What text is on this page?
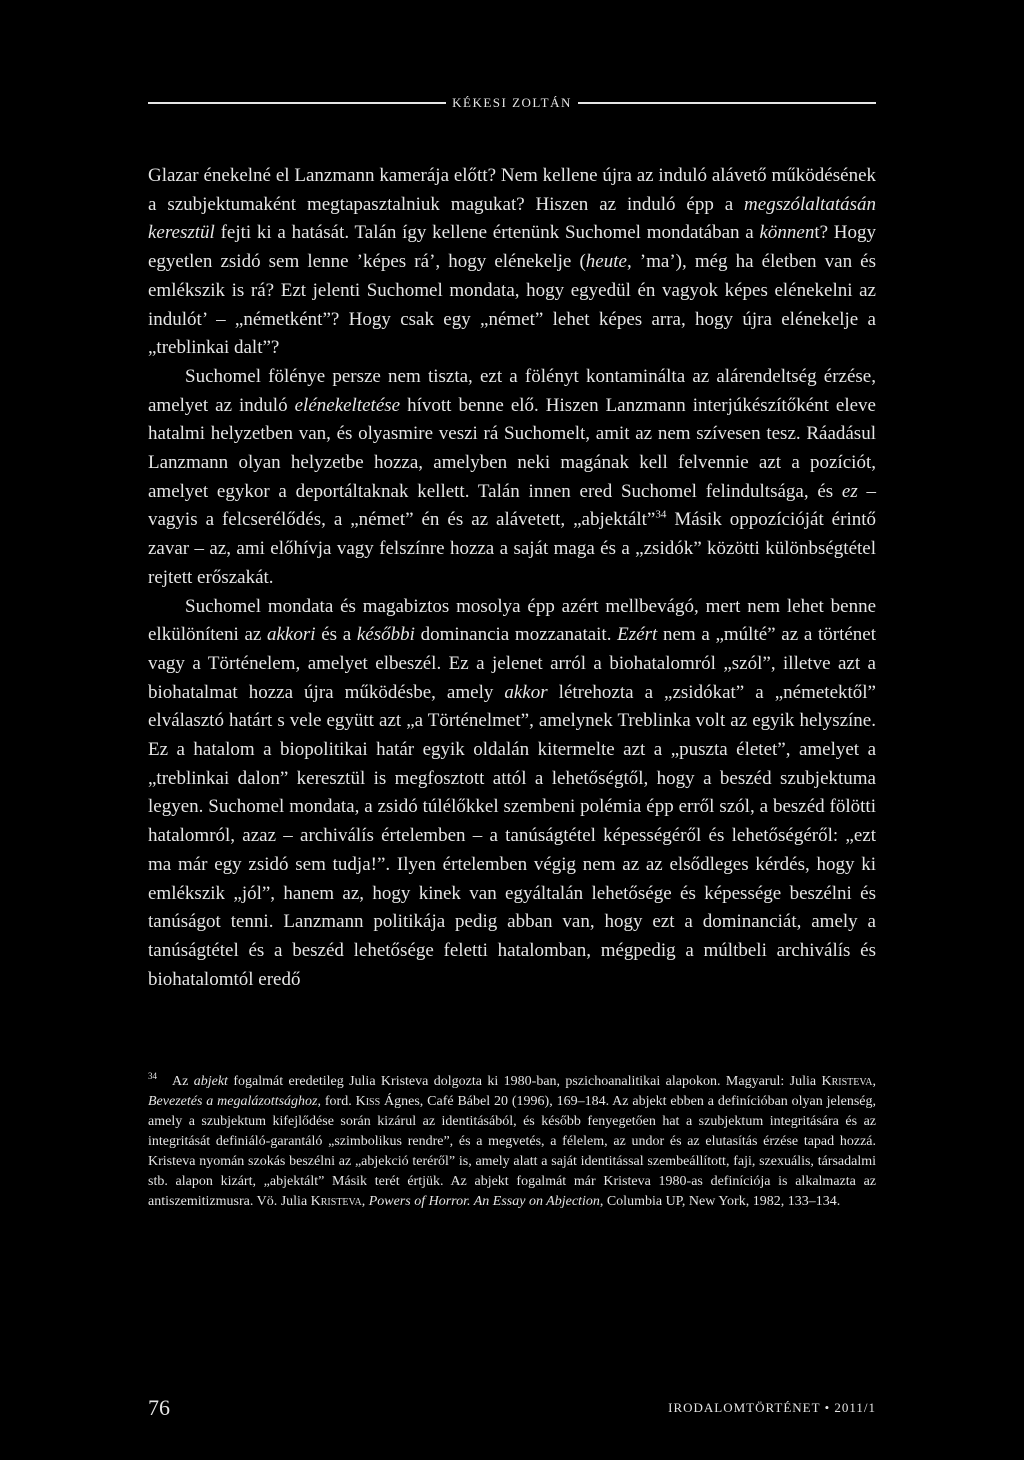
KÉKESI ZOLTÁN

Glazar énekelné el Lanzmann kamerája előtt? Nem kellene újra az induló alávető működésének a szubjektumaként megtapasztalniuk magukat? Hiszen az induló épp a megszólaltatásán keresztül fejti ki a hatását. Talán így kellene értenünk Suchomel mondatában a könnent? Hogy egyetlen zsidó sem lenne ’képes rá’, hogy elénekelje (heute, ’ma’), még ha életben van és emlékszik is rá? Ezt jelenti Suchomel mondata, hogy egyedül én vagyok képes elénekelni az indulót’ – „németként”? Hogy csak egy „német” lehet képes arra, hogy újra elénekelje a „treblinkai dalt”?

Suchomel fölénye persze nem tiszta, ezt a fölényt kontaminálta az alárendeltség érzése, amelyet az induló elénekeltetése hívott benne elő. Hiszen Lanzmann interjúkészítőként eleve hatalmi helyzetben van, és olyasmire veszi rá Suchomelt, amit az nem szívesen tesz. Ráadásul Lanzmann olyan helyzetbe hozza, amelyben neki magának kell felvennie azt a pozíciót, amelyet egykor a deportáltaknak kellett. Talán innen ered Suchomel felindultsága, és ez – vagyis a felcserélődés, a „német” én és az alávetett, „abjektált”$^{34}$ Másik oppozícióját érintő zavar – az, ami előhívja vagy felszínre hozza a saját maga és a „zsidók” közötti különbségtétel rejtett erőszakát.

Suchomel mondata és magabiztos mosolya épp azért mellbevágó, mert nem lehet benne elkülöníteni az akkori és a későbbi dominancia mozzanatait. Ezért nem a „múlté” az a történet vagy a Történelem, amelyet elbeszél. Ez a jelenet arról a biohatalomról „szól”, illetve azt a biohatalmat hozza újra működésbe, amely akkor létrehozta a „zsidókat” a „németektől” elválasztó határt s vele együtt azt „a Történelmet”, amelynek Treblinka volt az egyik helyszíne. Ez a hatalom a biopolitikai határ egyik oldalán kitermelte azt a „puszta életet”, amelyet a „treblinkai dalon” keresztül is megfosztott attól a lehetőségtől, hogy a beszéd szubjektuma legyen. Suchomel mondata, a zsidó túlélőkkel szembeni polémia épp erről szól, a beszéd fölötti hatalomról, azaz – archiválís értelemben – a tanúságtétel képességéről és lehetőségéről: „ezt ma már egy zsidó sem tudja!”. Ilyen értelemben végig nem az az elsődleges kérdés, hogy ki emlékszik „jól”, hanem az, hogy kinek van egyáltalán lehetősége és képessége beszélni és tanúságot tenni. Lanzmann politikája pedig abban van, hogy ezt a dominanciát, amely a tanúságtétel és a beszéd lehetősége feletti hatalomban, mégpedig a múltbeli archiválís és biohatalomtól eredő

34 Az abjekt fogalmát eredetileg Julia Kristeva dolgozta ki 1980-ban, pszichoanalitikai alapokon. Magyarul: Julia Kristeva, Bevezetés a megalázottsághoz, ford. Kiss Ágnes, Café Bábel 20 (1996), 169–184. Az abjekt ebben a definícióban olyan jelenség, amely a szubjektum kifejlődése során kizárul az identitásából, és később fenyegetően hat a szubjektum integritására és az integritását definiáló-garantáló „szimbolikus rendre”, és a megvetés, a félelem, az undor és az elutasítás érzése tapad hozzá. Kristeva nyomán szokás beszélni az „abjekció teréről” is, amely alatt a saját identitással szembeállított, faji, szexuális, társadalmi stb. alapon kizárt, „abjektált” Másik terét értjük. Az abjekt fogalmát már Kristeva 1980-as definíciója is alkalmazta az antiszemitizmusra. Vö. Julia Kristeva, Powers of Horror. An Essay on Abjection, Columbia UP, New York, 1982, 133–134.
76	IRODALOMTÖRTÉNET • 2011/1
